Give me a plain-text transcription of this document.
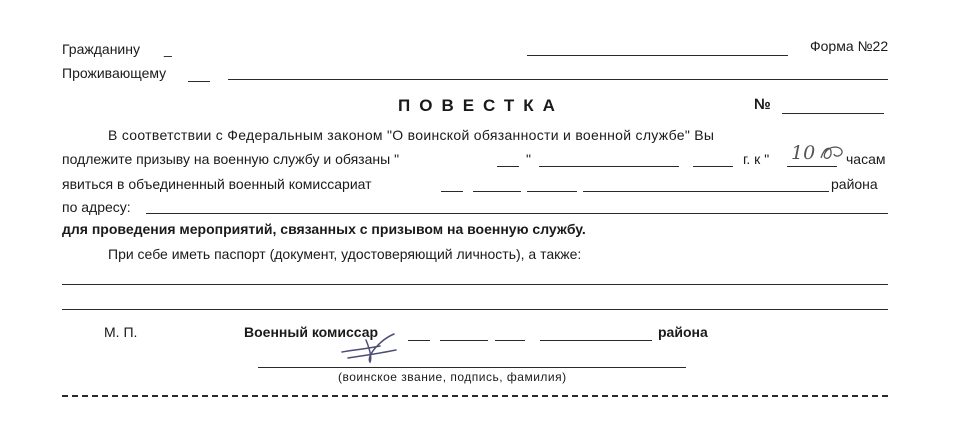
Гражданину _	Форма №22
Проживающему
ПОВЕСТКА	№
В соответствии с Федеральным законом "О воинской обязанности и военной службе" Вы
подлежите призыву на военную службу и обязаны "	"	г. к " 10 часам
явиться в объединенный военный комиссариат	района
по адресу:
для проведения мероприятий, связанных с призывом на военную службу.
При себе иметь паспорт (документ, удостоверяющий личность), а также:
М. П.	Военный комиссар	района
(воинское звание, подпись, фамилия)
